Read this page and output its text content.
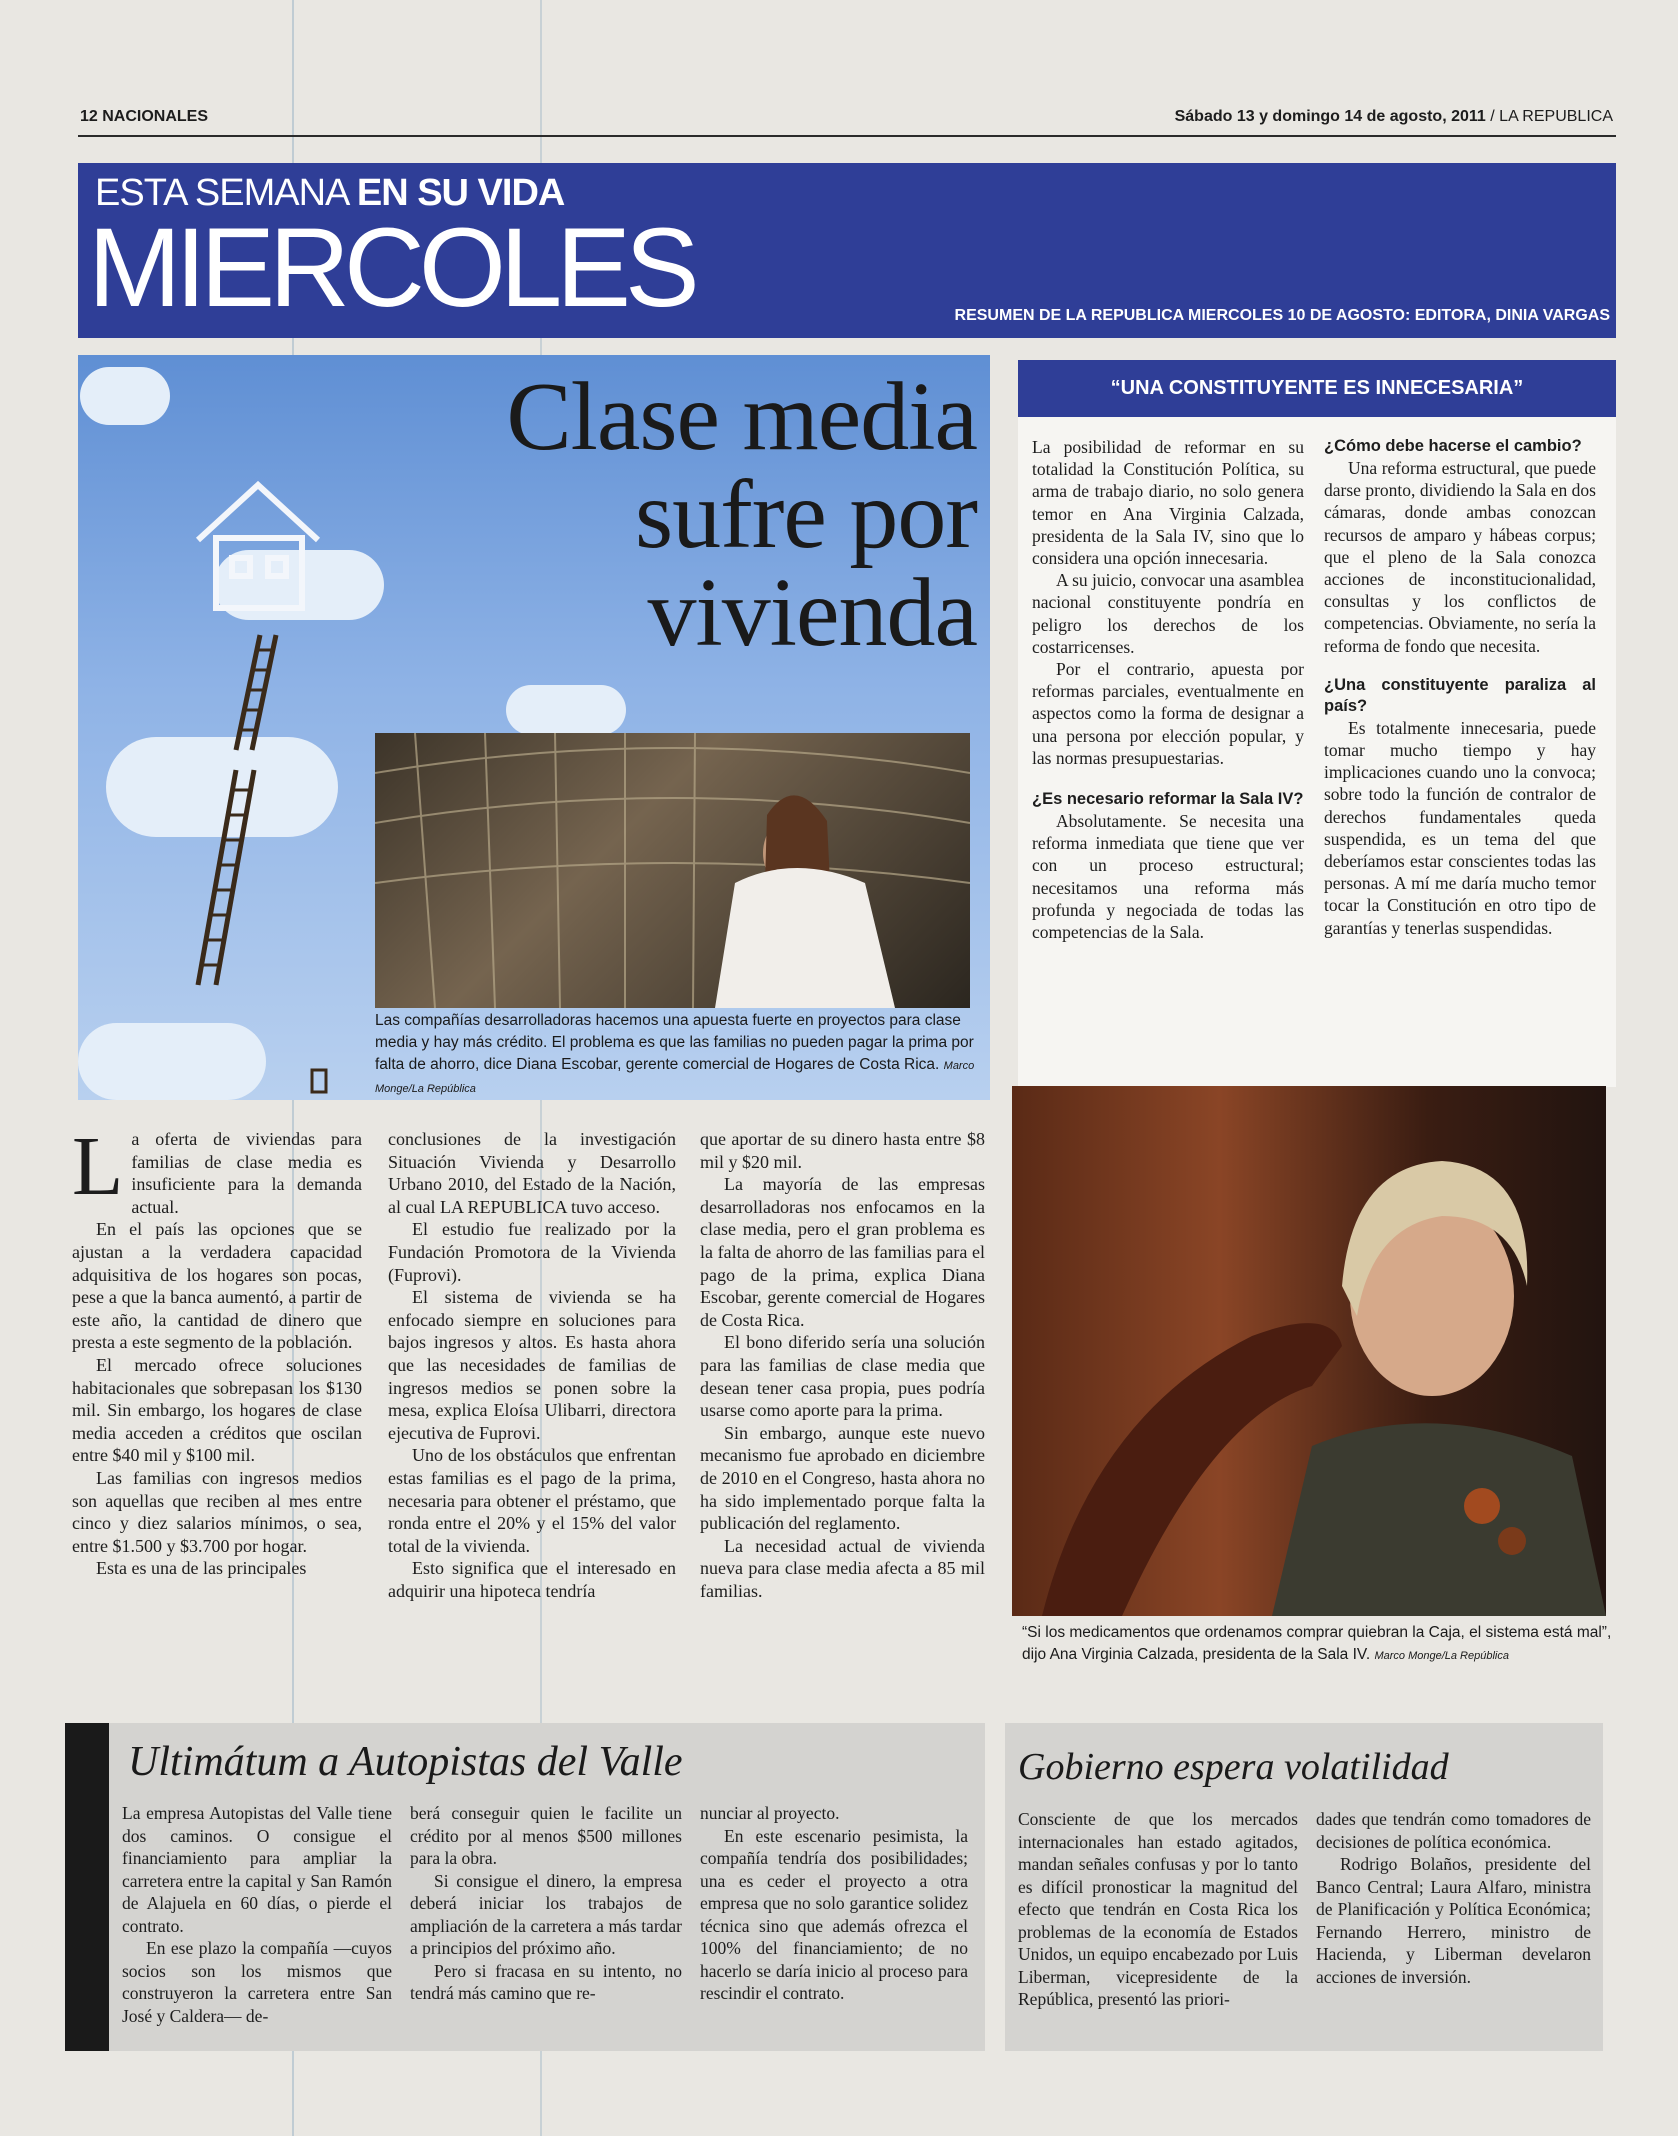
12 NACIONALES	Sábado 13 y domingo 14 de agosto, 2011 / LA REPUBLICA
ESTA SEMANA EN SU VIDA
MIERCOLES	RESUMEN DE LA REPUBLICA MIERCOLES 10 DE AGOSTO: EDITORA, DINIA VARGAS
Clase media
sufre por
vivienda
Las compañías desarrolladoras hacemos una apuesta fuerte en proyectos para clase media y hay más crédito. El problema es que las familias no pueden pagar la prima por falta de ahorro, dice Diana Escobar, gerente comercial de Hogares de Costa Rica. Marco Monge/La República

La oferta de viviendas para familias de clase media es insuficiente para la demanda actual.

En el país las opciones que se ajustan a la verdadera capacidad adquisitiva de los hogares son pocas, pese a que la banca aumentó, a partir de este año, la cantidad de dinero que presta a este segmento de la población.

El mercado ofrece soluciones habitacionales que sobrepasan los $130 mil. Sin embargo, los hogares de clase media acceden a créditos que oscilan entre $40 mil y $100 mil.

Las familias con ingresos medios son aquellas que reciben al mes entre cinco y diez salarios mínimos, o sea, entre $1.500 y $3.700 por hogar.

Esta es una de las principales

conclusiones de la investigación Situación Vivienda y Desarrollo Urbano 2010, del Estado de la Nación, al cual LA REPUBLICA tuvo acceso.

El estudio fue realizado por la Fundación Promotora de la Vivienda (Fuprovi).

El sistema de vivienda se ha enfocado siempre en soluciones para bajos ingresos y altos. Es hasta ahora que las necesidades de familias de ingresos medios se ponen sobre la mesa, explica Eloísa Ulibarri, directora ejecutiva de Fuprovi.

Uno de los obstáculos que enfrentan estas familias es el pago de la prima, necesaria para obtener el préstamo, que ronda entre el 20% y el 15% del valor total de la vivienda.

Esto significa que el interesado en adquirir una hipoteca tendría

que aportar de su dinero hasta entre $8 mil y $20 mil.

La mayoría de las empresas desarrolladoras nos enfocamos en la clase media, pero el gran problema es la falta de ahorro de las familias para el pago de la prima, explica Diana Escobar, gerente comercial de Hogares de Costa Rica.

El bono diferido sería una solución para las familias de clase media que desean tener casa propia, pues podría usarse como aporte para la prima.

Sin embargo, aunque este nuevo mecanismo fue aprobado en diciembre de 2010 en el Congreso, hasta ahora no ha sido implementado porque falta la publicación del reglamento.

La necesidad actual de vivienda nueva para clase media afecta a 85 mil familias.

“UNA CONSTITUYENTE ES INNECESARIA”

La posibilidad de reformar en su totalidad la Constitución Política, su arma de trabajo diario, no solo genera temor en Ana Virginia Calzada, presidenta de la Sala IV, sino que lo considera una opción innecesaria.

A su juicio, convocar una asamblea nacional constituyente pondría en peligro los derechos de los costarricenses.

Por el contrario, apuesta por reformas parciales, eventualmente en aspectos como la forma de designar a una persona por elección popular, y las normas presupuestarias.

¿Es necesario reformar la Sala IV?

Absolutamente. Se necesita una reforma inmediata que tiene que ver con un proceso estructural; necesitamos una reforma más profunda y negociada de todas las competencias de la Sala.

¿Cómo debe hacerse el cambio?

Una reforma estructural, que puede darse pronto, dividiendo la Sala en dos cámaras, donde ambas conozcan recursos de amparo y hábeas corpus; que el pleno de la Sala conozca acciones de inconstitucionalidad, consultas y los conflictos de competencias. Obviamente, no sería la reforma de fondo que necesita.

¿Una constituyente paraliza al país?

Es totalmente innecesaria, puede tomar mucho tiempo y hay implicaciones cuando uno la convoca; sobre todo la función de contralor de derechos fundamentales queda suspendida, es un tema del que deberíamos estar conscientes todas las personas. A mí me daría mucho temor tocar la Constitución en otro tipo de garantías y tenerlas suspendidas.

“Si los medicamentos que ordenamos comprar quiebran la Caja, el sistema está mal”, dijo Ana Virginia Calzada, presidenta de la Sala IV. Marco Monge/La República
Ultimátum a Autopistas del Valle

La empresa Autopistas del Valle tiene dos caminos. O consigue el financiamiento para ampliar la carretera entre la capital y San Ramón de Alajuela en 60 días, o pierde el contrato.

En ese plazo la compañía —cuyos socios son los mismos que construyeron la carretera entre San José y Caldera— de-

berá conseguir quien le facilite un crédito por al menos $500 millones para la obra.

Si consigue el dinero, la empresa deberá iniciar los trabajos de ampliación de la carretera a más tardar a principios del próximo año.

Pero si fracasa en su intento, no tendrá más camino que re-

nunciar al proyecto.

En este escenario pesimista, la compañía tendría dos posibilidades; una es ceder el proyecto a otra empresa que no solo garantice solidez técnica sino que además ofrezca el 100% del financiamiento; de no hacerlo se daría inicio al proceso para rescindir el contrato.

Gobierno espera volatilidad

Consciente de que los mercados internacionales han estado agitados, mandan señales confusas y por lo tanto es difícil pronosticar la magnitud del efecto que tendrán en Costa Rica los problemas de la economía de Estados Unidos, un equipo encabezado por Luis Liberman, vicepresidente de la República, presentó las priori-

dades que tendrán como tomadores de decisiones de política económica.

Rodrigo Bolaños, presidente del Banco Central; Laura Alfaro, ministra de Planificación y Política Económica; Fernando Herrero, ministro de Hacienda, y Liberman develaron acciones de inversión.
